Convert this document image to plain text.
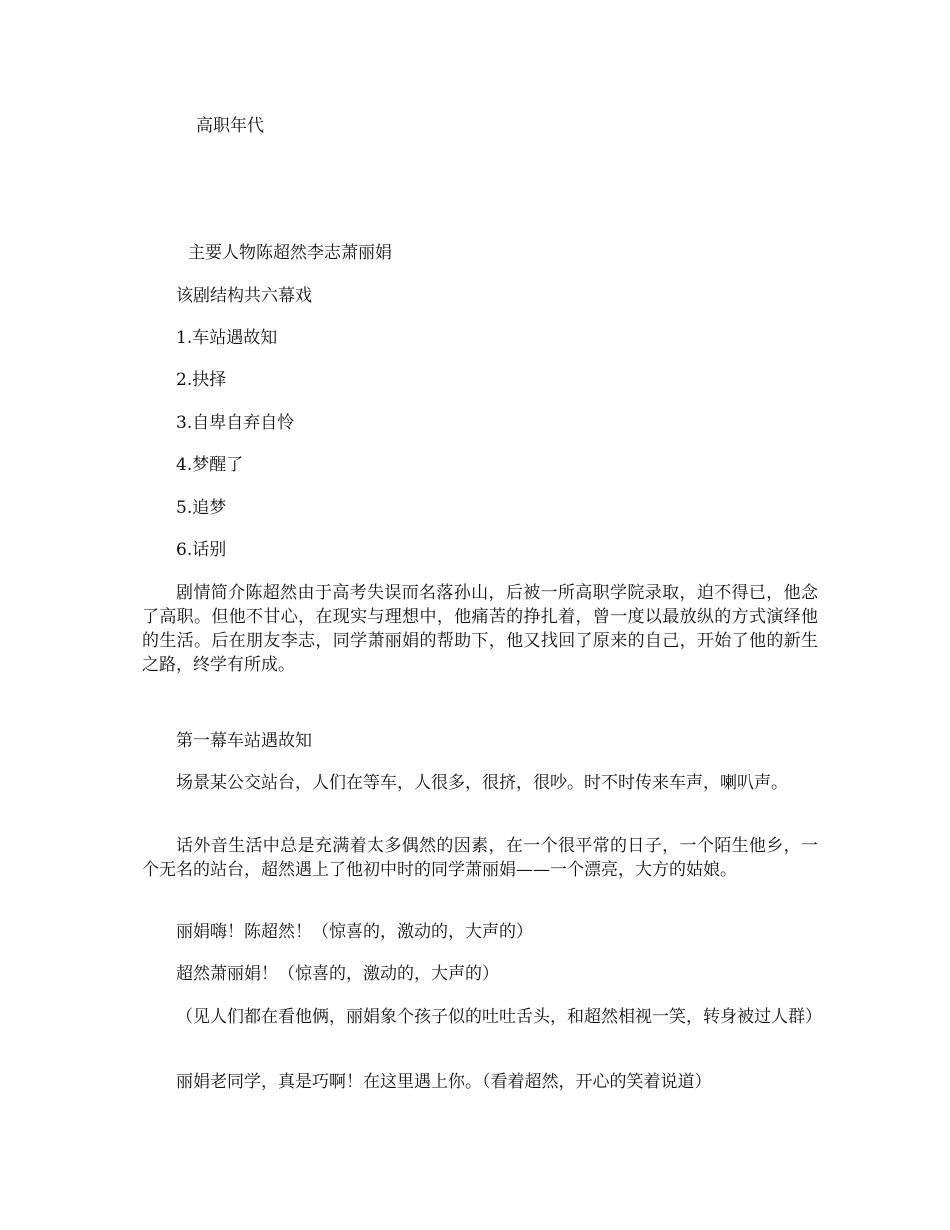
高职年代
主要人物陈超然李志萧丽娟
该剧结构共六幕戏
1.车站遇故知
2.抉择
3.自卑自弃自怜
4.梦醒了
5.追梦
6.话别
剧情简介陈超然由于高考失误而名落孙山，后被一所高职学院录取，迫不得已，他念了高职。但他不甘心，在现实与理想中，他痛苦的挣扎着，曾一度以最放纵的方式演绎他的生活。后在朋友李志，同学萧丽娟的帮助下，他又找回了原来的自己，开始了他的新生之路，终学有所成。
第一幕车站遇故知
场景某公交站台，人们在等车，人很多，很挤，很吵。时不时传来车声，喇叭声。
话外音生活中总是充满着太多偶然的因素，在一个很平常的日子，一个陌生他乡，一个无名的站台，超然遇上了他初中时的同学萧丽娟——一个漂亮，大方的姑娘。
丽娟嗨！陈超然！（惊喜的，激动的，大声的）
超然萧丽娟！（惊喜的，激动的，大声的）
（见人们都在看他俩，丽娟象个孩子似的吐吐舌头，和超然相视一笑，转身被过人群）
丽娟老同学，真是巧啊！在这里遇上你。（看着超然，开心的笑着说道）
